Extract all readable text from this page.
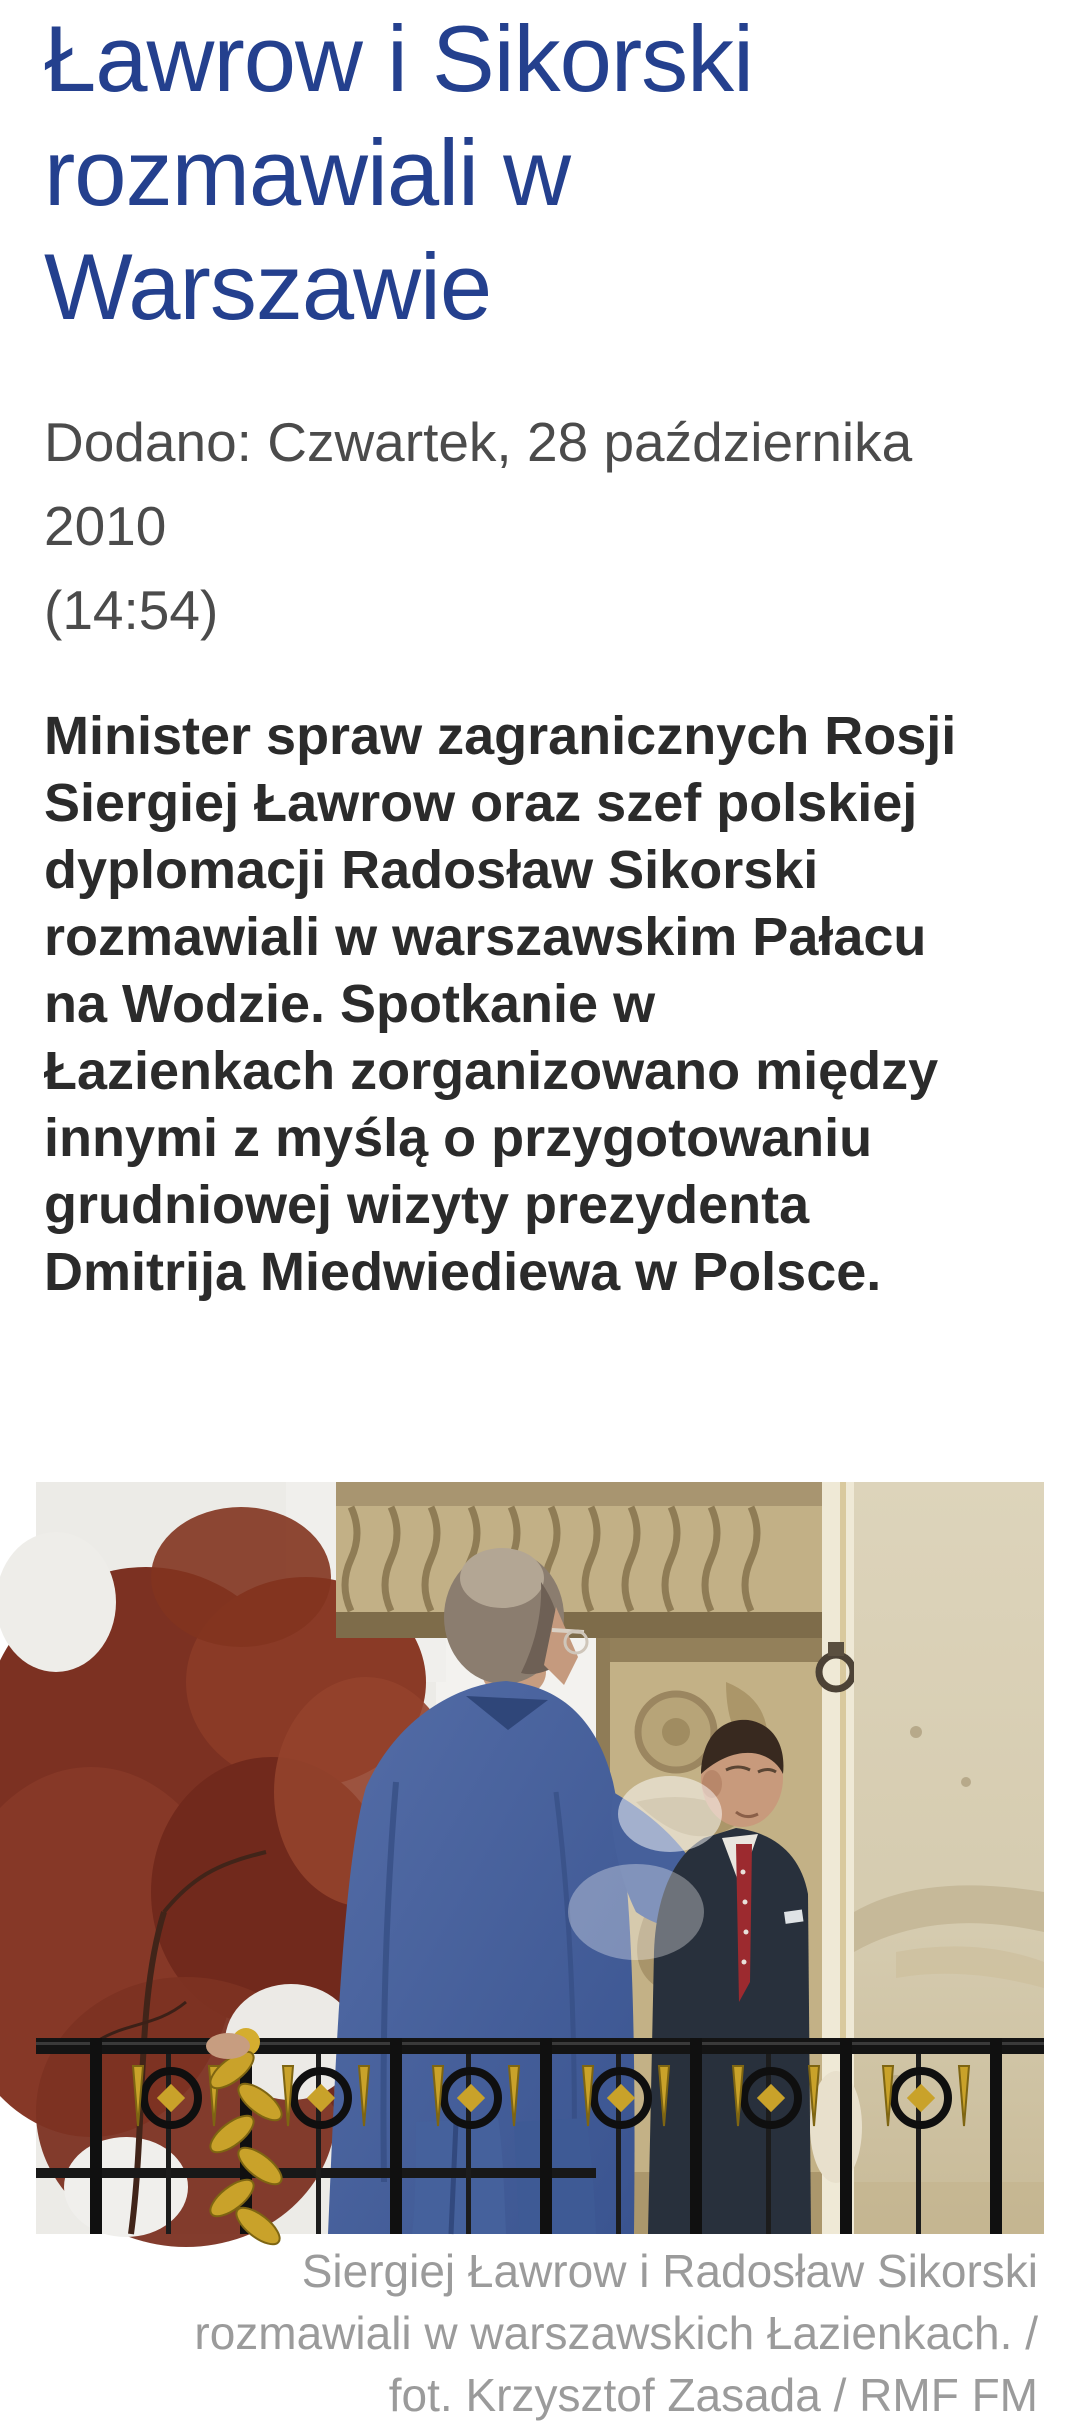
Ławrow i Sikorski
rozmawiali w
Warszawie

Dodano: Czwartek, 28 października 2010
(14:54)

Minister spraw zagranicznych Rosji
Siergiej Ławrow oraz szef polskiej
dyplomacji Radosław Sikorski
rozmawiali w warszawskim Pałacu
na Wodzie. Spotkanie w
Łazienkach zorganizowano między
innymi z myślą o przygotowaniu
grudniowej wizyty prezydenta
Dmitrija Miedwiediewa w Polsce.

Siergiej Ławrow i Radosław Sikorski
rozmawiali w warszawskich Łazienkach. /
fot. Krzysztof Zasada / RMF FM
